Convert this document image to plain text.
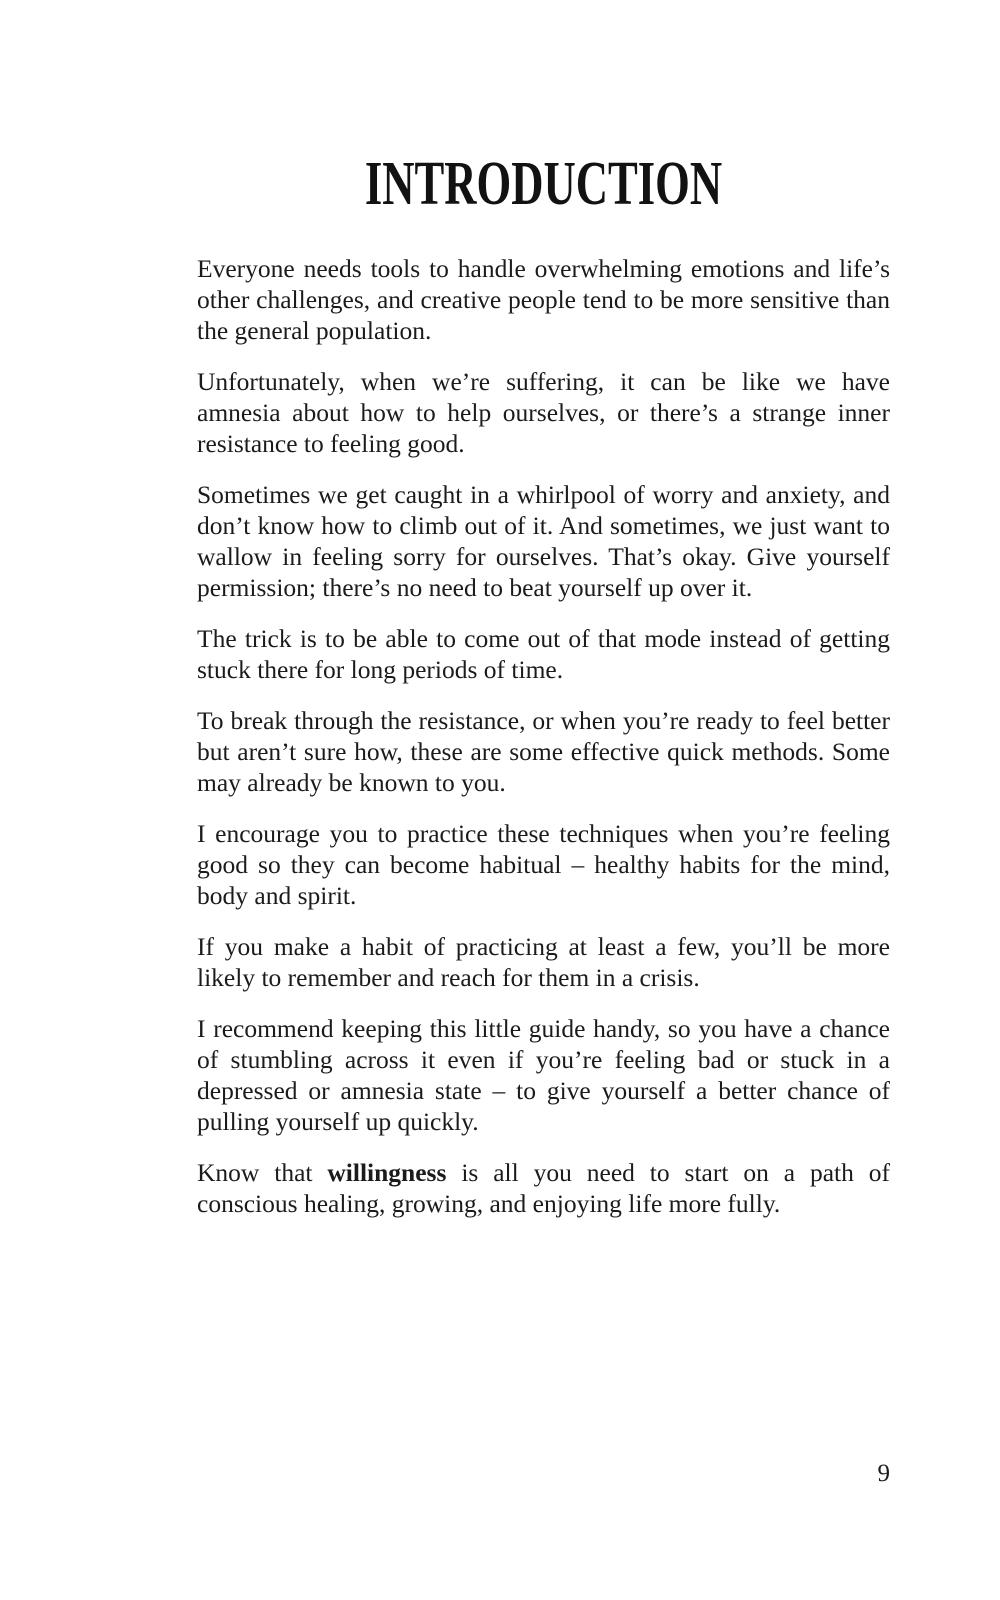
INTRODUCTION

Everyone needs tools to handle overwhelming emotions and life’s other challenges, and creative people tend to be more sensitive than the general population.

Unfortunately, when we’re suffering, it can be like we have amnesia about how to help ourselves, or there’s a strange inner resistance to feeling good.

Sometimes we get caught in a whirlpool of worry and anxiety, and don’t know how to climb out of it. And sometimes, we just want to wallow in feeling sorry for ourselves. That’s okay. Give yourself permission; there’s no need to beat yourself up over it.

The trick is to be able to come out of that mode instead of getting stuck there for long periods of time.

To break through the resistance, or when you’re ready to feel better but aren’t sure how, these are some effective quick methods. Some may already be known to you.

I encourage you to practice these techniques when you’re feeling good so they can become habitual – healthy habits for the mind, body and spirit.

If you make a habit of practicing at least a few, you’ll be more likely to remember and reach for them in a crisis.

I recommend keeping this little guide handy, so you have a chance of stumbling across it even if you’re feeling bad or stuck in a depressed or amnesia state – to give yourself a better chance of pulling yourself up quickly.

Know that willingness is all you need to start on a path of conscious healing, growing, and enjoying life more fully.

9
